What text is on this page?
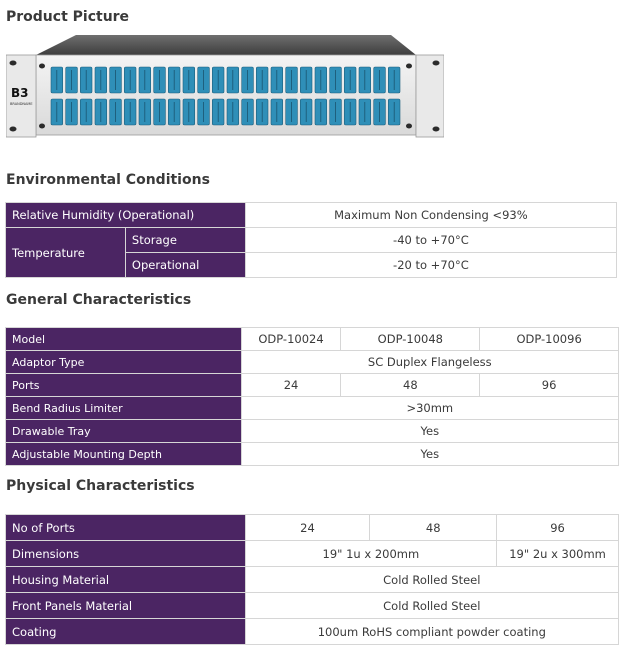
Product Picture
B3
BRANDNAME
Environmental Conditions
Relative Humidity (Operational)		Maximum Non Condensing <93%
Temperature	Storage	-40 to +70°C
	Operational	-20 to +70°C
General Characteristics
Model	ODP-10024	ODP-10048	ODP-10096
Adaptor Type	SC Duplex Flangeless		
Ports	24	48	96
Bend Radius Limiter	>30mm		
Drawable Tray	Yes		
Adjustable Mounting Depth	Yes		
Physical Characteristics
No of Ports	24	48	96
Dimensions	19" 1u x 200mm		19" 2u x 300mm
Housing Material	Cold Rolled Steel		
Front Panels Material	Cold Rolled Steel		
Coating	100um RoHS compliant powder coating		
